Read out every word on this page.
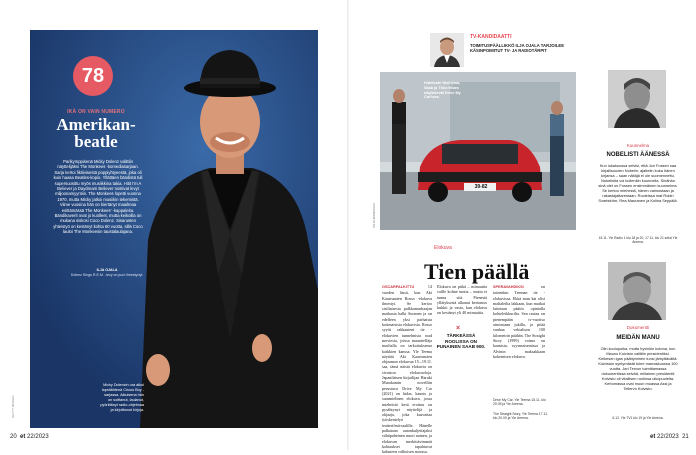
78
IKÄ ON VAIN NUMERO
Amerikan-
beatle
Parikymppisenä Micky Dolenz valittiin näyttelijäksi The Monkees -komediasarjaan. Sarja kertoi fiktiivisestä poppiyhtyeestä, joka oli kuin haasa Beatles-kopio. Yllättäen bändistä tuli supersuosittu myös musiikkina takia. Hitit I'm A Believer ja Daydream Believer nostivat levyt miljoonamyyntiin. The Monkees lopetti vuonna 1970, mutta Micky jatkoi musiikin tekemistä. Viime vuosina hän on kiertänyt maailmaa esittämässä The Monkees' -kappaleita. Bändikaverit ovat jo kuolleet, mutta keikoilla on mukana siskosi Coco Dolenz. Sisarusten yhteistyö on kestänyt kohta 60 vuotta, sillä Coco lauloi The Monkeesin taustalaulajana.
ILJA OJALA
Dolenz Sings R.E.M. -levy on juuri ilmestynyt.
Micky Dolenzin ura alkoi lapsitähtenä Circus Boy -sarjassa. Aikuisena hän on soittanut, laulanut, pyörittänyt radio-ohjelmaa ja kirjoittanut kirjoja.
GETTY IMAGES
20 et 22/2023
TV-KANDIDAATTI
TOIMITUSPÄÄLLIKKÖ ILJA OJALA TARJOILEE KÄSINPOIMITUT TV- JA RADIOTÄRPIT
39-82
Hidetoshi Nishijima, Saab ja Tôko Miura näyttelevät Drive My Car'issa.
ITA FILMIPAKKAUS
Elokuva
Tien päällä
OSCARPALKITTU 14 vuoden lässä, kun Aki Kaurismäen Rosso -elokuva ilmestyi. Se kertoo sisiliaisesta palkkamurhaajan matkasta halki Suomen ja on edelleen yksi parhaista kotimaisista elokuvista. Rosso syytti rakkauteni tie -elokuvien tunnelmista road moviesta, joissa maantielläja marlialla on tarkoituksensa kaikkien kanssa. Yle Teema näyttää Aki Kaurismäen ohjaamaa elokuvaa 15.–19.11. saa, tämä näistä elokuvia on sivuston elokuvaoloja. Japanilaisen kirjailijan Haruki Murakamin novelliin perustuva Drive My Car (2021) on hidas, kaunis ja surumielinen elokuva, jossa mieheistä kesä erottuu on pysähtynyt näyttelijä ja ohjaaja, joka kasvattaa työskentelyä teatterifestivaalille. Hänelle palkataan autonkuljettajaksi vähäpuheinen nuori nainen, ja elokuvan merkittävimmät kohtaukset tapahtuvat kuluneen valkoisen autossa.
Elokuva on pitkä – minuuttia vaille kolme tuntia – mutta ei tunnu sitä. Pienestä yllätyksestä alkanut kertomus kukkii ja vasta, kun elokuva on kestänyt yli 40 minuuttia.
×
TÄRKEÄSSÄ ROOLISSA ON PUNAINEN SAAB 900.
SPERAVAHDIKSI on toinenkin Teeman tie -elokuvissa. Ekkä mun kai olisi maltaleilta lakkaan, kun mutkat laitetaan päätös opintalla kohteleikkurilta. Sen rautaa on pienempään tv-vuotiso ainoastaan jukilla, ja pitää vanhaa vekialisen 100 kilometrin päähän. The Straight Story (1999) voima on kaunista, syysmaisemissa ja Alvinin maksakkaan kokemisen elokuva.
Drive My Car, Yle Teema 15.11. klo 20.05 ja Yle Areena.
The Straight Story, Yle Teema 17.11. klo 20.00 ja Yle Areena.
Kuunnelma
NOBELISTI ÄÄNESSÄ
Kun lokakuussa selvisi, että Jon Fossen saa kirjallisuuden Nobelin, ajattelin kuka hänen kirjansa – saan näitäjä ei ole suomennettu. Nobelistia voi kuitenkin kuunnella. Sinähän sinä olet on Fossen ensimmäinen kuunnelma. Se kertoo miehestä, hänen vaimostaan ja rakastajattarestaan. Rooleissa mat Robin Svartström, Rea Mauranen ja Kolina Seppälä.
15.11. Yle Radio 1 klo 18 ja 20, 17.11. klo 21 sekä Yle Areena.
Dokumentti
MEIDÄN MANU
Olin koulupoika, mutta hyvinkin kotona, kun Mauno Koivisto valittiin presidentiksi. Kelkesen igan päättyminen tunsi järkyttävältä. Koiviston syntymästä tulee marraskuussa 100 vuotta. Jari Tervon toimittamassa dokumentissa selvää, millainen presidentti Koivisto oli vitallisen roolinsa ulkopuolelta. Kertomassa ovat muun muassa Assi ja Tellervo Koivisto.
6.12. Yle TV1 klo 19 ja Yle Areena.
et 22/2023 21
